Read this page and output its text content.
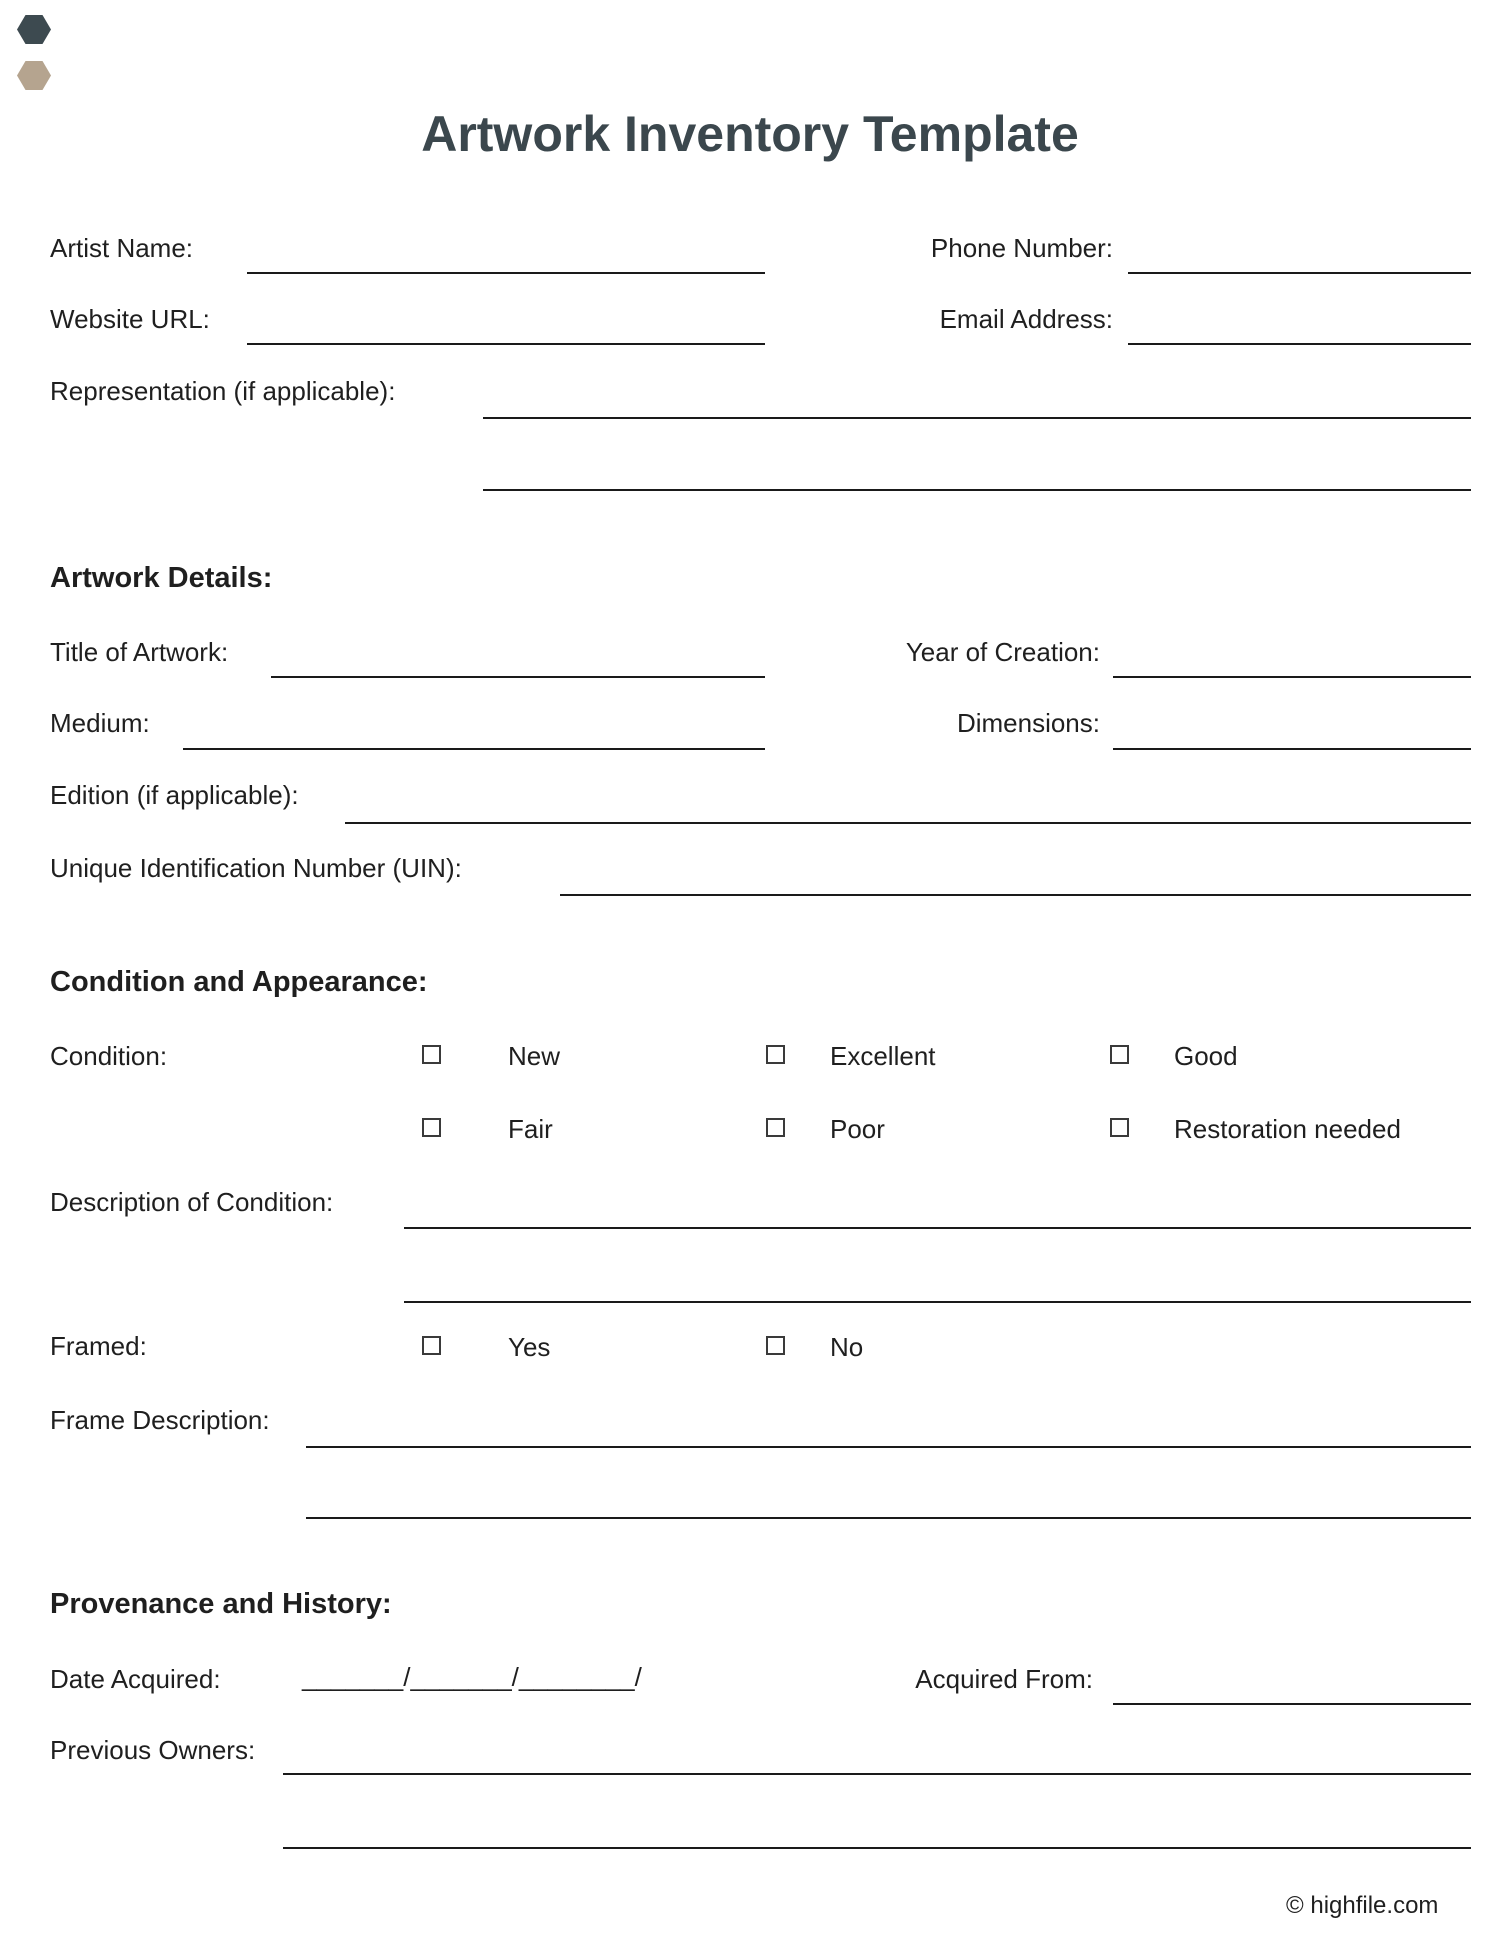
Artwork Inventory Template
Artist Name:	Phone Number:
Website URL:	Email Address:
Representation (if applicable):
Artwork Details:
Title of Artwork:	Year of Creation:
Medium:	Dimensions:
Edition (if applicable):
Unique Identification Number (UIN):
Condition and Appearance:
Condition:	New	Excellent	Good
Fair	Poor	Restoration needed
Description of Condition:
Framed:	Yes	No
Frame Description:
Provenance and History:
Date Acquired:	_______/_______/________/	Acquired From:
Previous Owners:
© highfile.com
